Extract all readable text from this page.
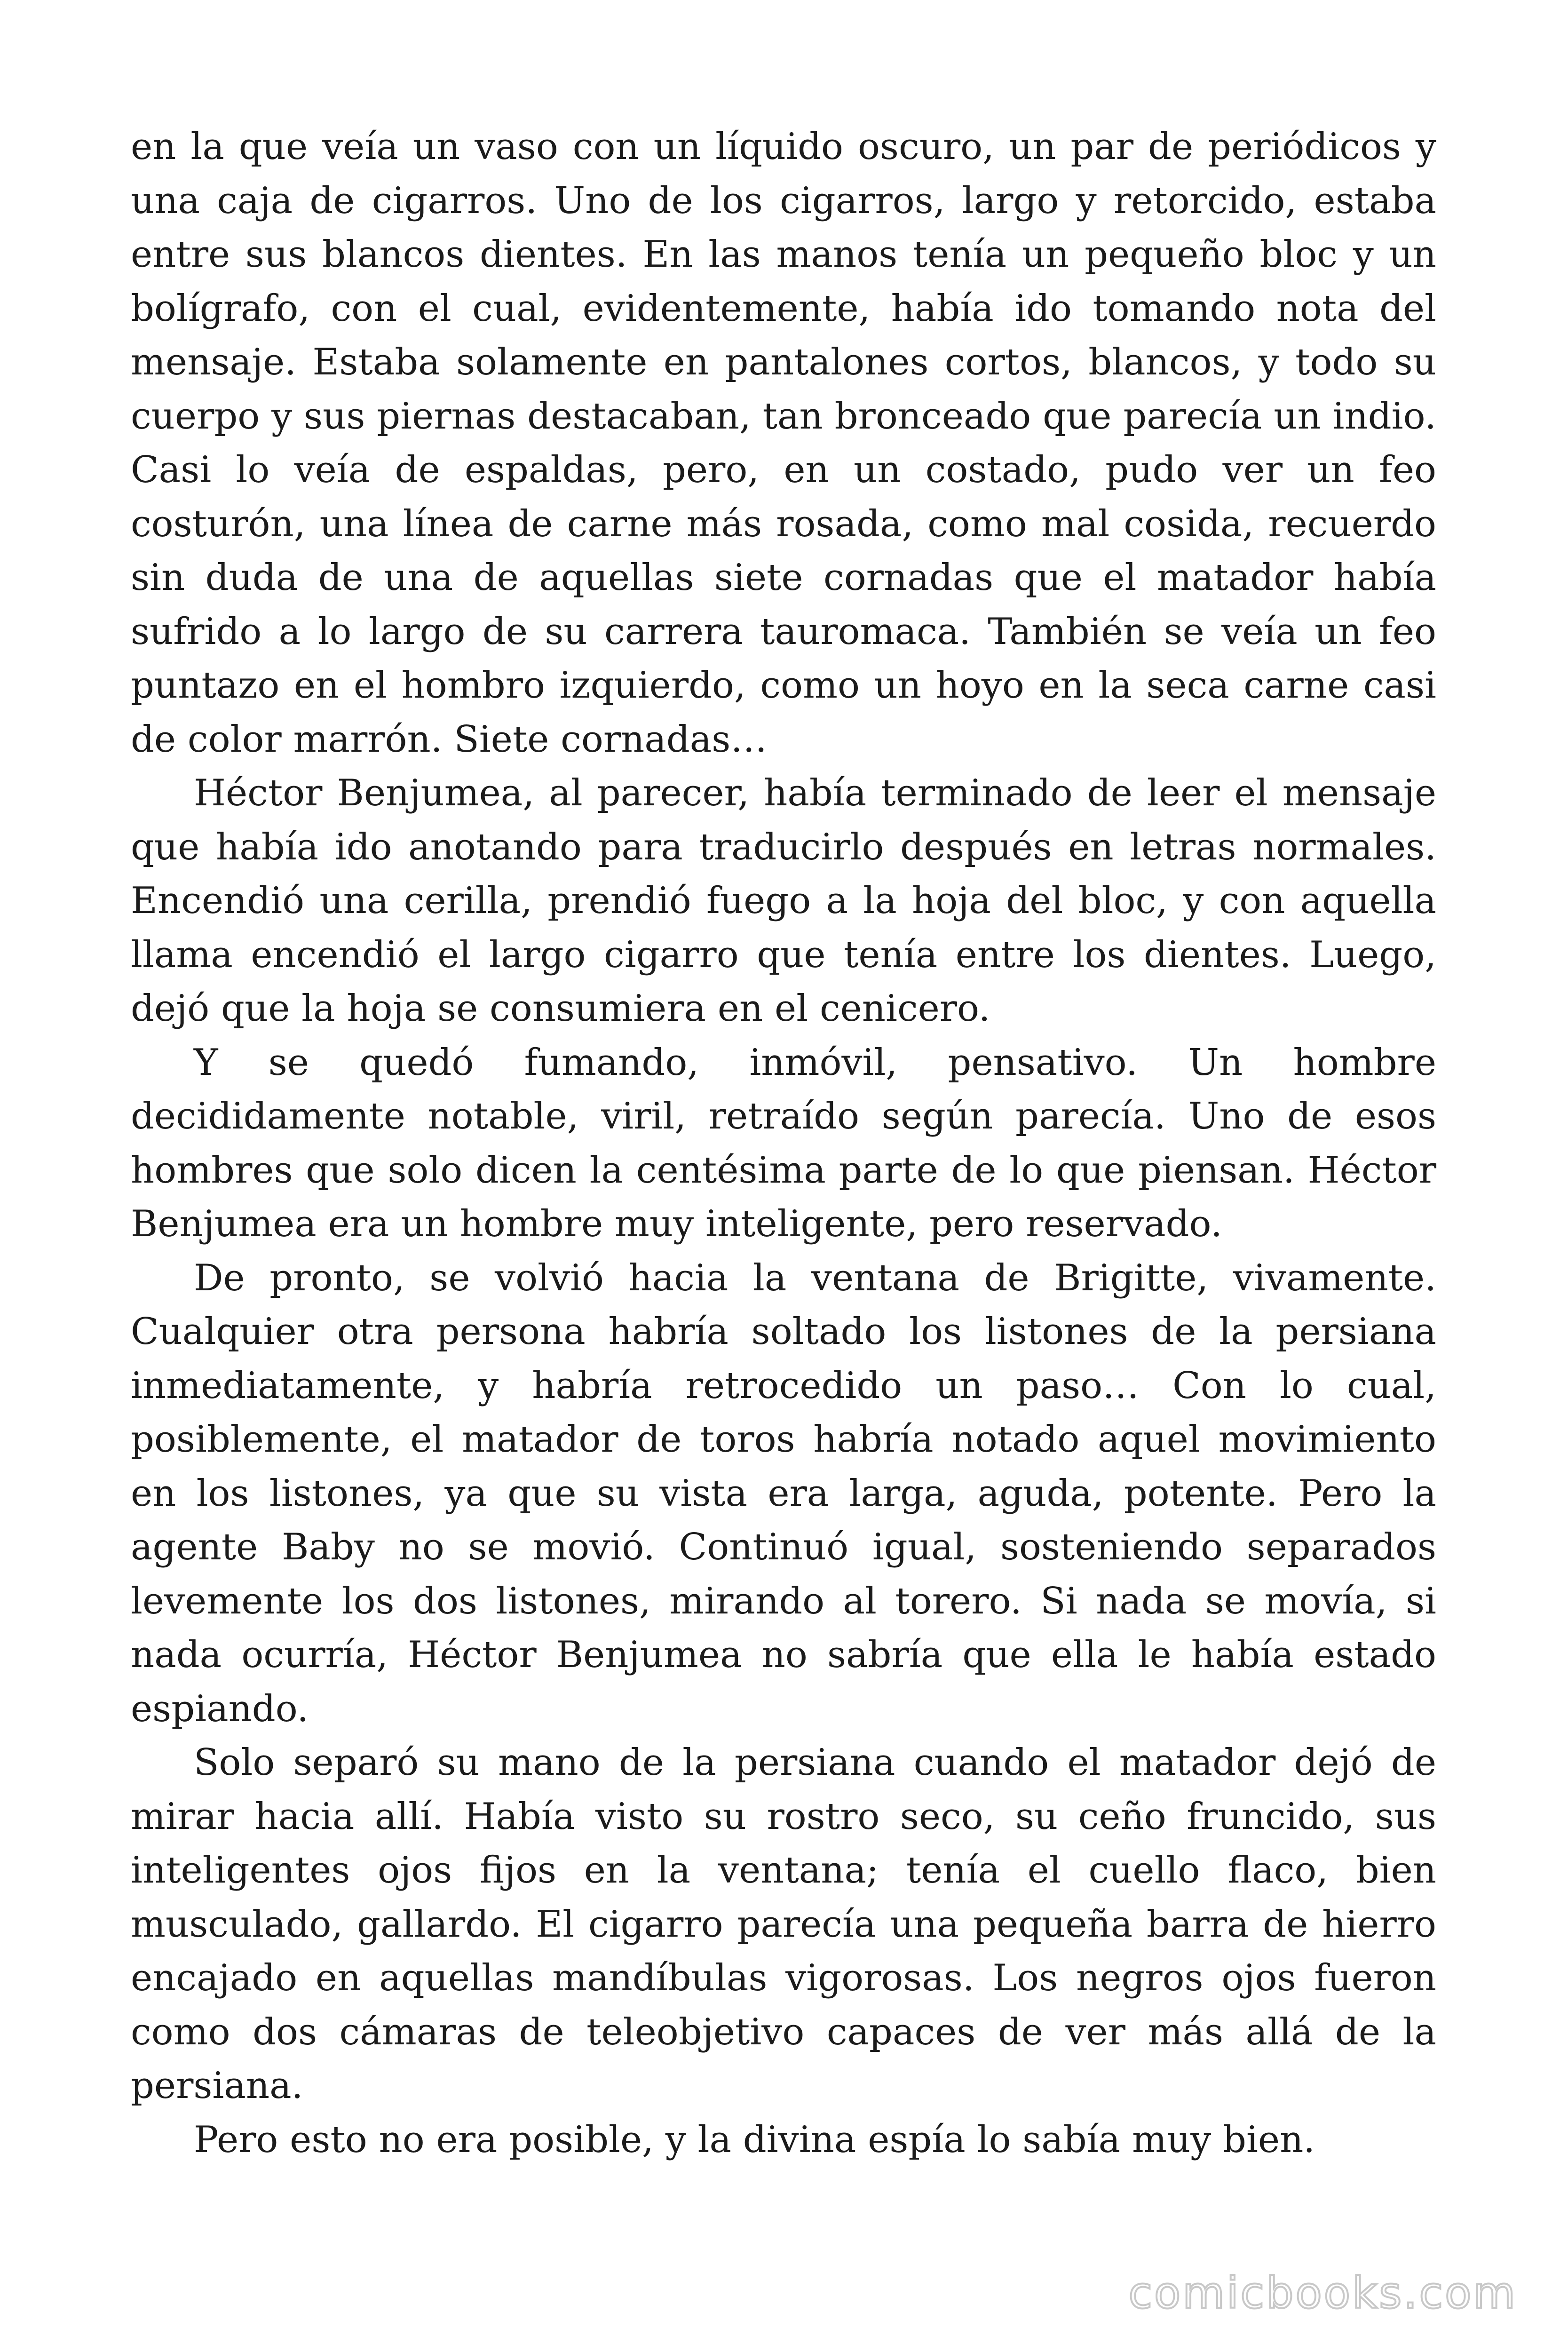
en la que veía un vaso con un líquido oscuro, un par de periódicos y una caja de cigarros. Uno de los cigarros, largo y retorcido, estaba entre sus blancos dientes. En las manos tenía un pequeño bloc y un bolígrafo, con el cual, evidentemente, había ido tomando nota del mensaje. Estaba solamente en pantalones cortos, blancos, y todo su cuerpo y sus piernas destacaban, tan bronceado que parecía un indio. Casi lo veía de espaldas, pero, en un costado, pudo ver un feo costurón, una línea de carne más rosada, como mal cosida, recuerdo sin duda de una de aquellas siete cornadas que el matador había sufrido a lo largo de su carrera tauromaca. También se veía un feo puntazo en el hombro izquierdo, como un hoyo en la seca carne casi de color marrón. Siete cornadas…

Héctor Benjumea, al parecer, había terminado de leer el mensaje que había ido anotando para traducirlo después en letras normales. Encendió una cerilla, prendió fuego a la hoja del bloc, y con aquella llama encendió el largo cigarro que tenía entre los dientes. Luego, dejó que la hoja se consumiera en el cenicero.

Y se quedó fumando, inmóvil, pensativo. Un hombre decididamente notable, viril, retraído según parecía. Uno de esos hombres que solo dicen la centésima parte de lo que piensan. Héctor Benjumea era un hombre muy inteligente, pero reservado.

De pronto, se volvió hacia la ventana de Brigitte, vivamente. Cualquier otra persona habría soltado los listones de la persiana inmediatamente, y habría retrocedido un paso… Con lo cual, posiblemente, el matador de toros habría notado aquel movimiento en los listones, ya que su vista era larga, aguda, potente. Pero la agente Baby no se movió. Continuó igual, sosteniendo separados levemente los dos listones, mirando al torero. Si nada se movía, si nada ocurría, Héctor Benjumea no sabría que ella le había estado espiando.

Solo separó su mano de la persiana cuando el matador dejó de mirar hacia allí. Había visto su rostro seco, su ceño fruncido, sus inteligentes ojos fijos en la ventana; tenía el cuello flaco, bien musculado, gallardo. El cigarro parecía una pequeña barra de hierro encajado en aquellas mandíbulas vigorosas. Los negros ojos fueron como dos cámaras de teleobjetivo capaces de ver más allá de la persiana.

Pero esto no era posible, y la divina espía lo sabía muy bien.

comicbooks.com
